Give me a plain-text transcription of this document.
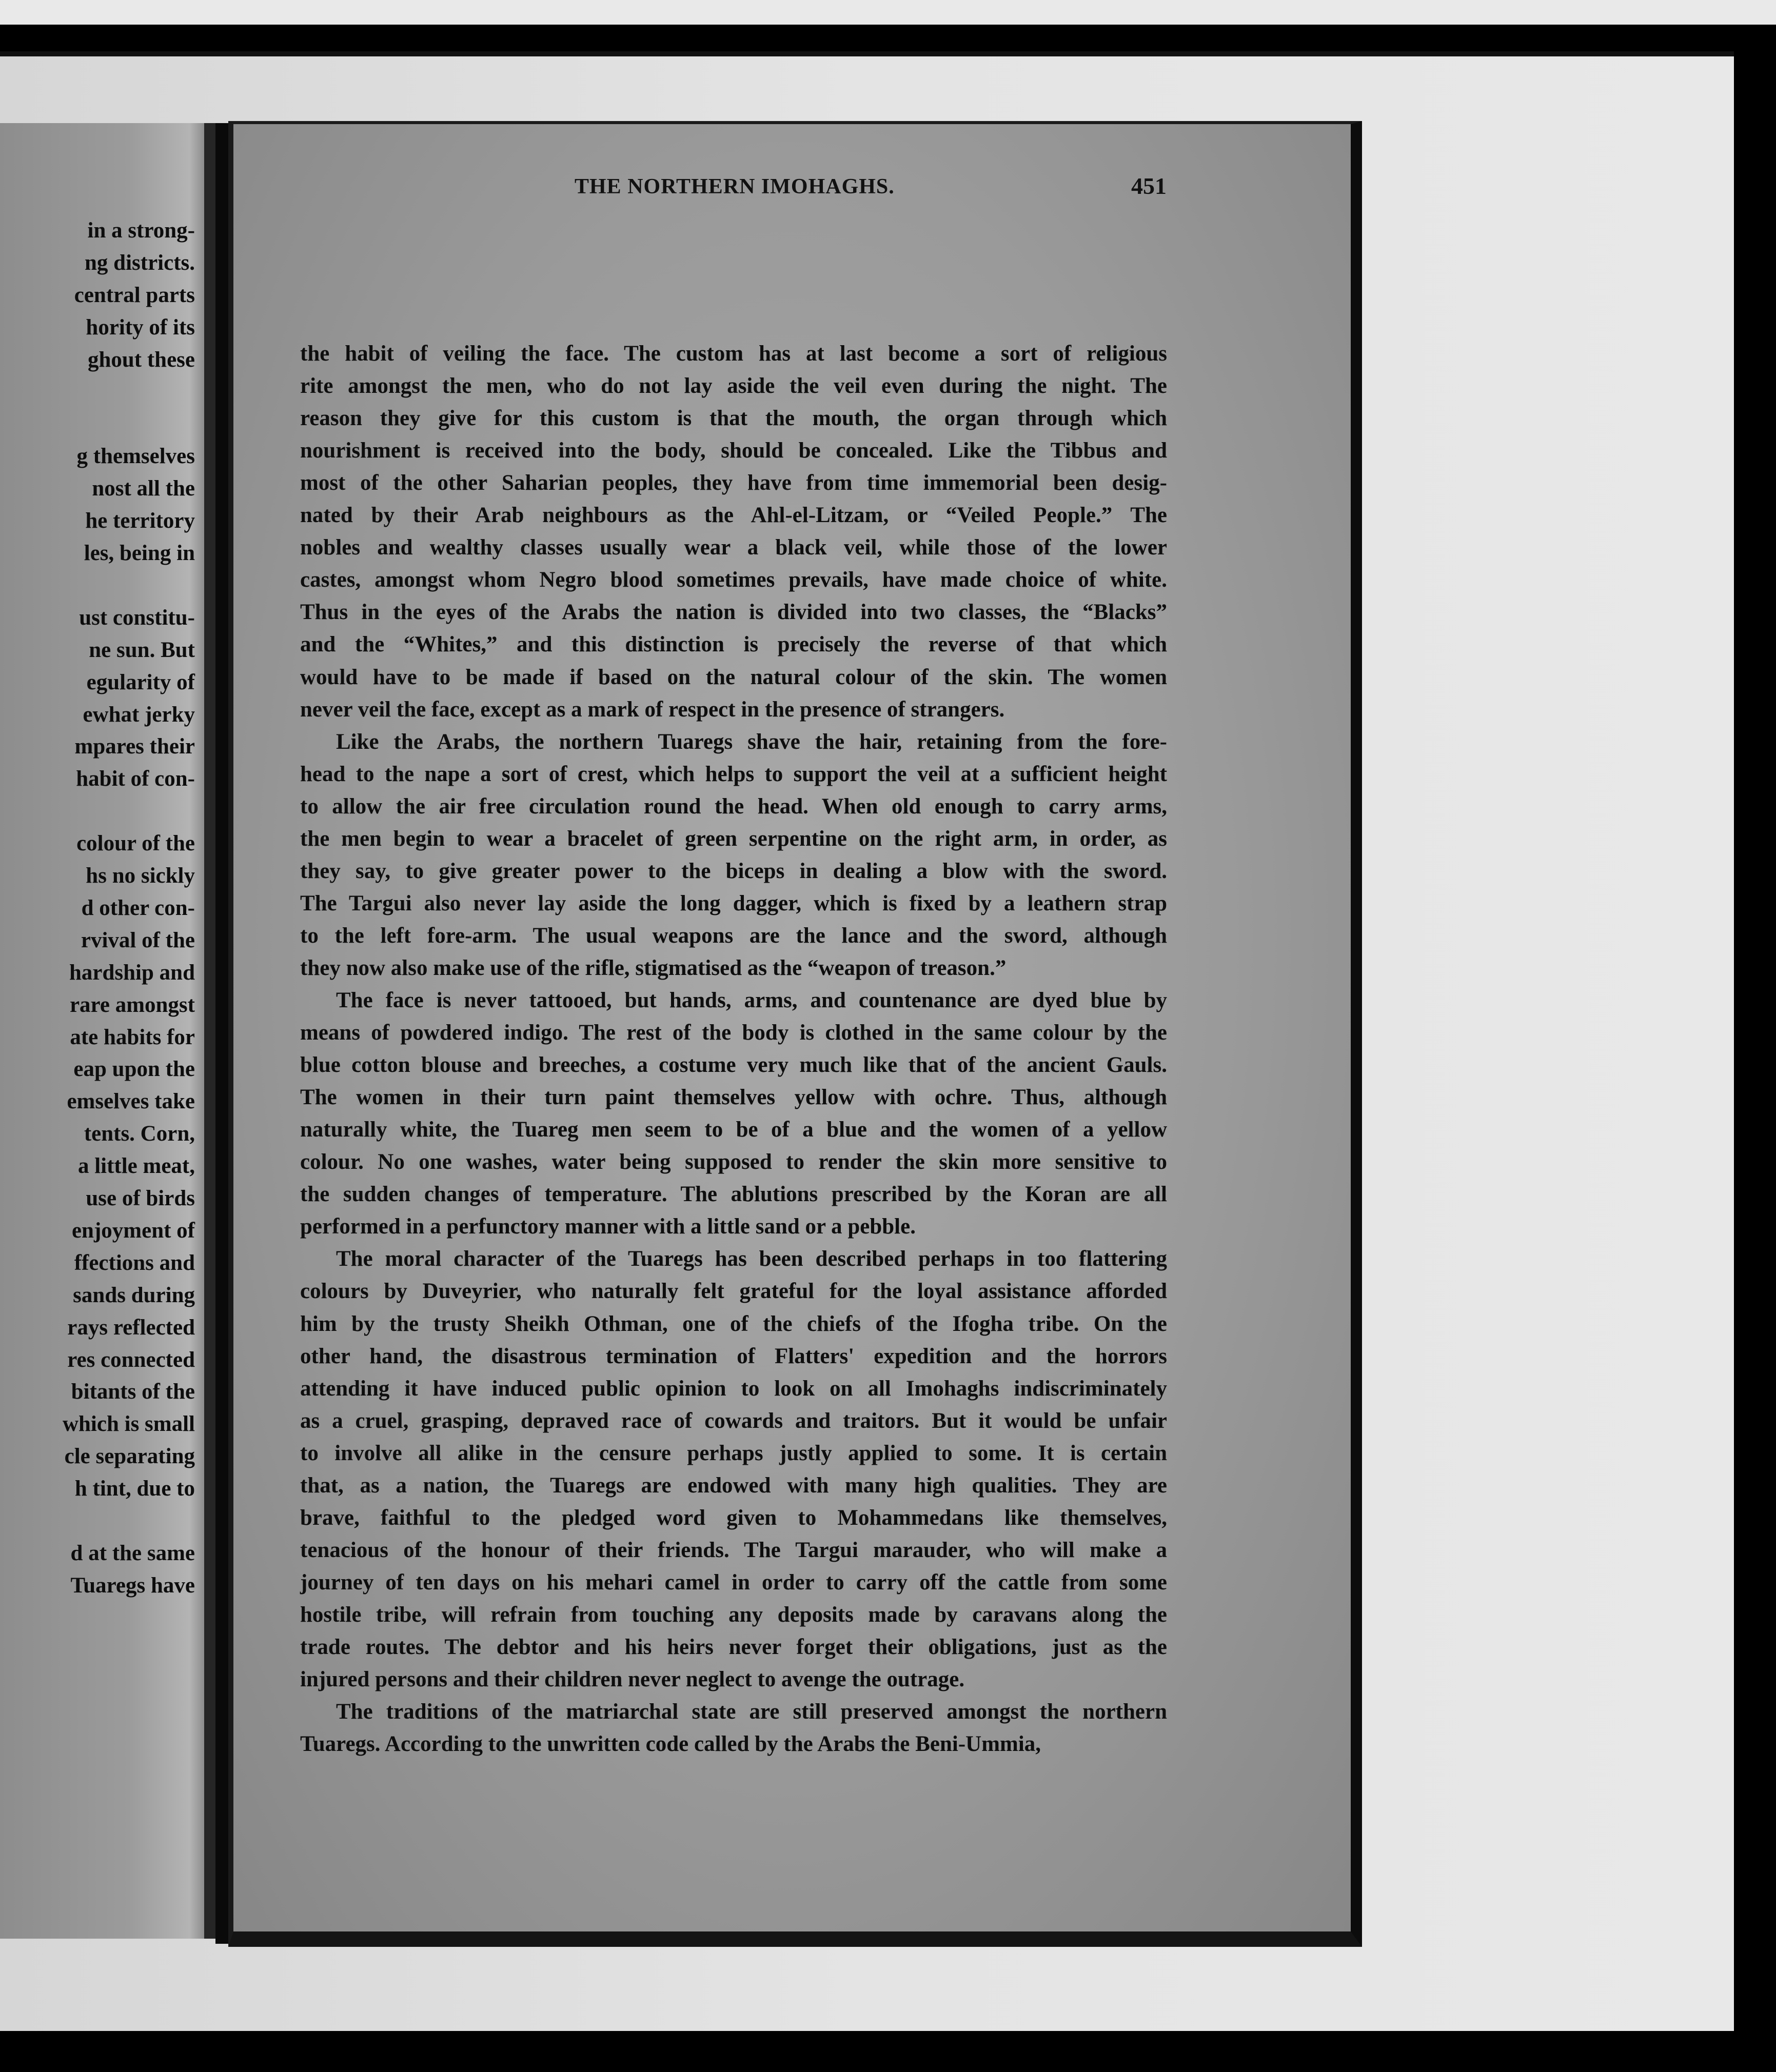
in a strong-
ng districts.
central parts
hority of its
ghout these
g themselves
nost all the
he territory
les, being in
ust constitu-
ne sun. But
egularity of
ewhat jerky
mpares their
habit of con-
colour of the
hs no sickly
d other con-
rvival of the
hardship and
rare amongst
ate habits for
eap upon the
emselves take
tents. Corn,
a little meat,
use of birds
enjoyment of
ffections and
sands during
rays reflected
res connected
bitants of the
which is small
cle separating
h tint, due to
d at the same
Tuaregs have
THE NORTHERN IMOHAGHS.	451
the habit of veiling the face. The custom has at last become a sort of religious
rite amongst the men, who do not lay aside the veil even during the night. The
reason they give for this custom is that the mouth, the organ through which
nourishment is received into the body, should be concealed. Like the Tibbus and
most of the other Saharian peoples, they have from time immemorial been desig-
nated by their Arab neighbours as the Ahl-el-Litzam, or “Veiled People.” The
nobles and wealthy classes usually wear a black veil, while those of the lower
castes, amongst whom Negro blood sometimes prevails, have made choice of white.
Thus in the eyes of the Arabs the nation is divided into two classes, the “Blacks”
and the “Whites,” and this distinction is precisely the reverse of that which
would have to be made if based on the natural colour of the skin. The women
never veil the face, except as a mark of respect in the presence of strangers.
Like the Arabs, the northern Tuaregs shave the hair, retaining from the fore-
head to the nape a sort of crest, which helps to support the veil at a sufficient height
to allow the air free circulation round the head. When old enough to carry arms,
the men begin to wear a bracelet of green serpentine on the right arm, in order, as
they say, to give greater power to the biceps in dealing a blow with the sword.
The Targui also never lay aside the long dagger, which is fixed by a leathern strap
to the left fore-arm. The usual weapons are the lance and the sword, although
they now also make use of the rifle, stigmatised as the “weapon of treason.”
The face is never tattooed, but hands, arms, and countenance are dyed blue by
means of powdered indigo. The rest of the body is clothed in the same colour by the
blue cotton blouse and breeches, a costume very much like that of the ancient Gauls.
The women in their turn paint themselves yellow with ochre. Thus, although
naturally white, the Tuareg men seem to be of a blue and the women of a yellow
colour. No one washes, water being supposed to render the skin more sensitive to
the sudden changes of temperature. The ablutions prescribed by the Koran are all
performed in a perfunctory manner with a little sand or a pebble.
The moral character of the Tuaregs has been described perhaps in too flattering
colours by Duveyrier, who naturally felt grateful for the loyal assistance afforded
him by the trusty Sheikh Othman, one of the chiefs of the Ifogha tribe. On the
other hand, the disastrous termination of Flatters' expedition and the horrors
attending it have induced public opinion to look on all Imohaghs indiscriminately
as a cruel, grasping, depraved race of cowards and traitors. But it would be unfair
to involve all alike in the censure perhaps justly applied to some. It is certain
that, as a nation, the Tuaregs are endowed with many high qualities. They are
brave, faithful to the pledged word given to Mohammedans like themselves,
tenacious of the honour of their friends. The Targui marauder, who will make a
journey of ten days on his mehari camel in order to carry off the cattle from some
hostile tribe, will refrain from touching any deposits made by caravans along the
trade routes. The debtor and his heirs never forget their obligations, just as the
injured persons and their children never neglect to avenge the outrage.
The traditions of the matriarchal state are still preserved amongst the northern
Tuaregs. According to the unwritten code called by the Arabs the Beni-Ummia,
